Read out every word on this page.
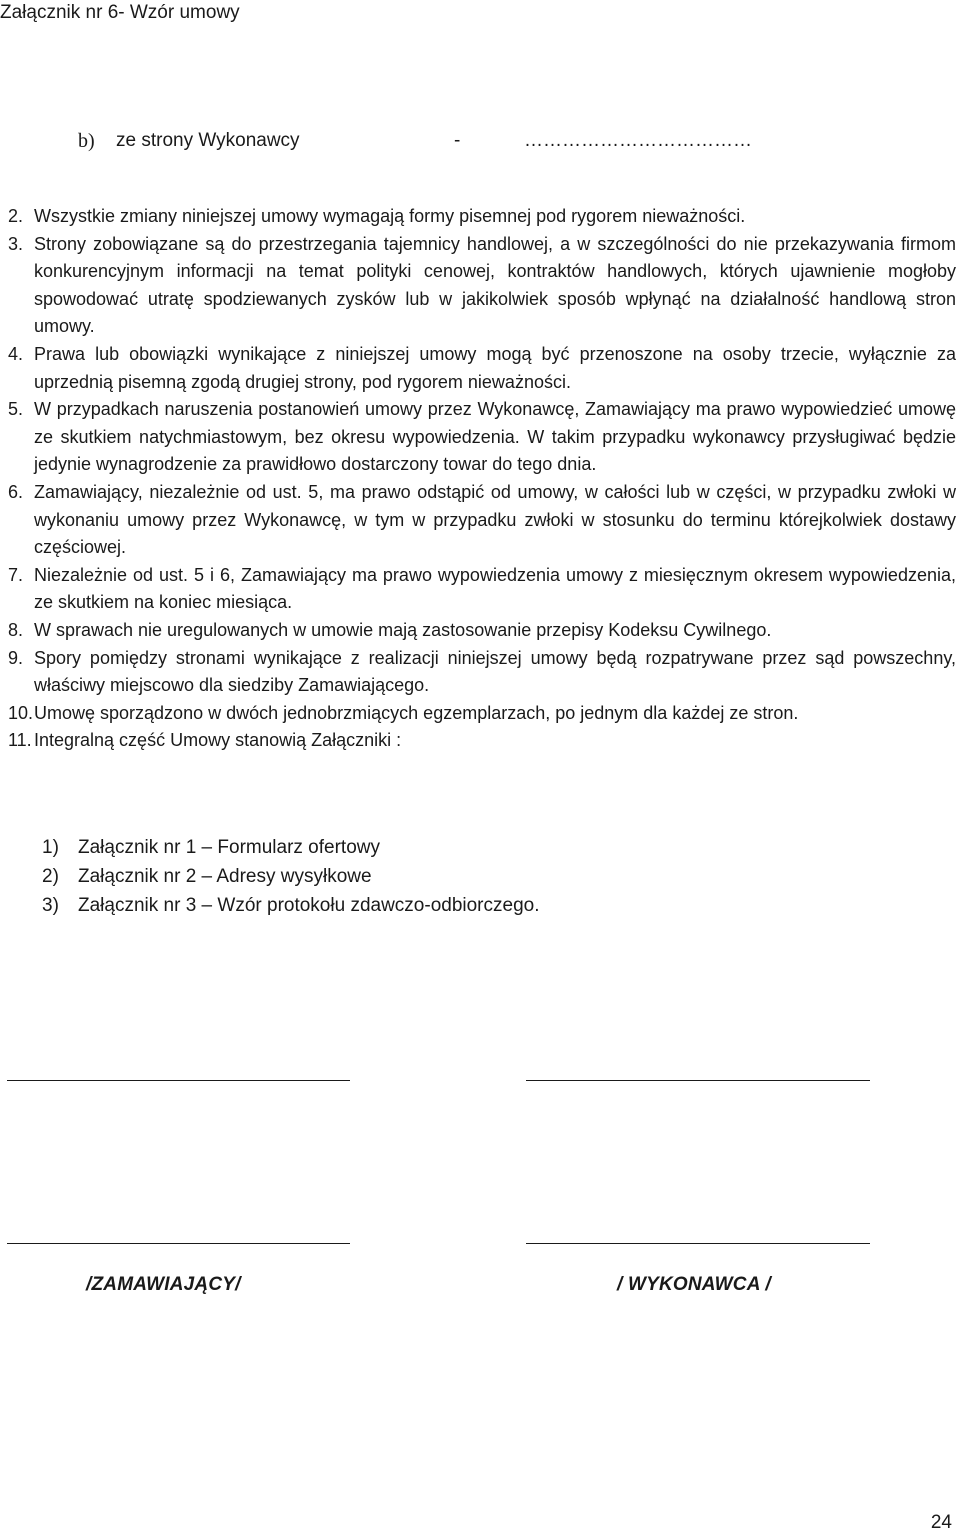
Załącznik nr 6- Wzór umowy
b) ze strony Wykonawcy	-	………………………………
2. Wszystkie zmiany niniejszej umowy wymagają formy pisemnej pod rygorem nieważności.
3. Strony zobowiązane są do przestrzegania tajemnicy handlowej, a w szczególności do nie przekazywania firmom konkurencyjnym informacji na temat polityki cenowej, kontraktów handlowych, których ujawnienie mogłoby spowodować utratę spodziewanych zysków lub w jakikolwiek sposób wpłynąć na działalność handlową stron umowy.
4. Prawa lub obowiązki wynikające z niniejszej umowy mogą być przenoszone na osoby trzecie, wyłącznie za uprzednią pisemną zgodą drugiej strony, pod rygorem nieważności.
5. W przypadkach naruszenia postanowień umowy przez Wykonawcę, Zamawiający ma prawo wypowiedzieć umowę ze skutkiem natychmiastowym, bez okresu wypowiedzenia. W takim przypadku wykonawcy przysługiwać będzie jedynie wynagrodzenie za prawidłowo dostarczony towar do tego dnia.
6. Zamawiający, niezależnie od ust. 5, ma prawo odstąpić od umowy, w całości lub w części, w przypadku zwłoki w wykonaniu umowy przez Wykonawcę, w tym w przypadku zwłoki w stosunku do terminu którejkolwiek dostawy częściowej.
7. Niezależnie od ust. 5 i 6, Zamawiający ma prawo wypowiedzenia umowy z miesięcznym okresem wypowiedzenia, ze skutkiem na koniec miesiąca.
8. W sprawach nie uregulowanych w umowie mają zastosowanie przepisy Kodeksu Cywilnego.
9. Spory pomiędzy stronami wynikające z realizacji niniejszej umowy będą rozpatrywane przez sąd powszechny, właściwy miejscowo dla siedziby Zamawiającego.
10. Umowę sporządzono w dwóch jednobrzmiących egzemplarzach, po jednym dla każdej ze stron.
11. Integralną część Umowy stanowią Załączniki :
1) Załącznik nr 1 – Formularz ofertowy
2) Załącznik nr 2 – Adresy wysyłkowe
3) Załącznik nr 3 – Wzór protokołu zdawczo-odbiorczego.
/ZAMAWIAJĄCY/	/ WYKONAWCA /
24
